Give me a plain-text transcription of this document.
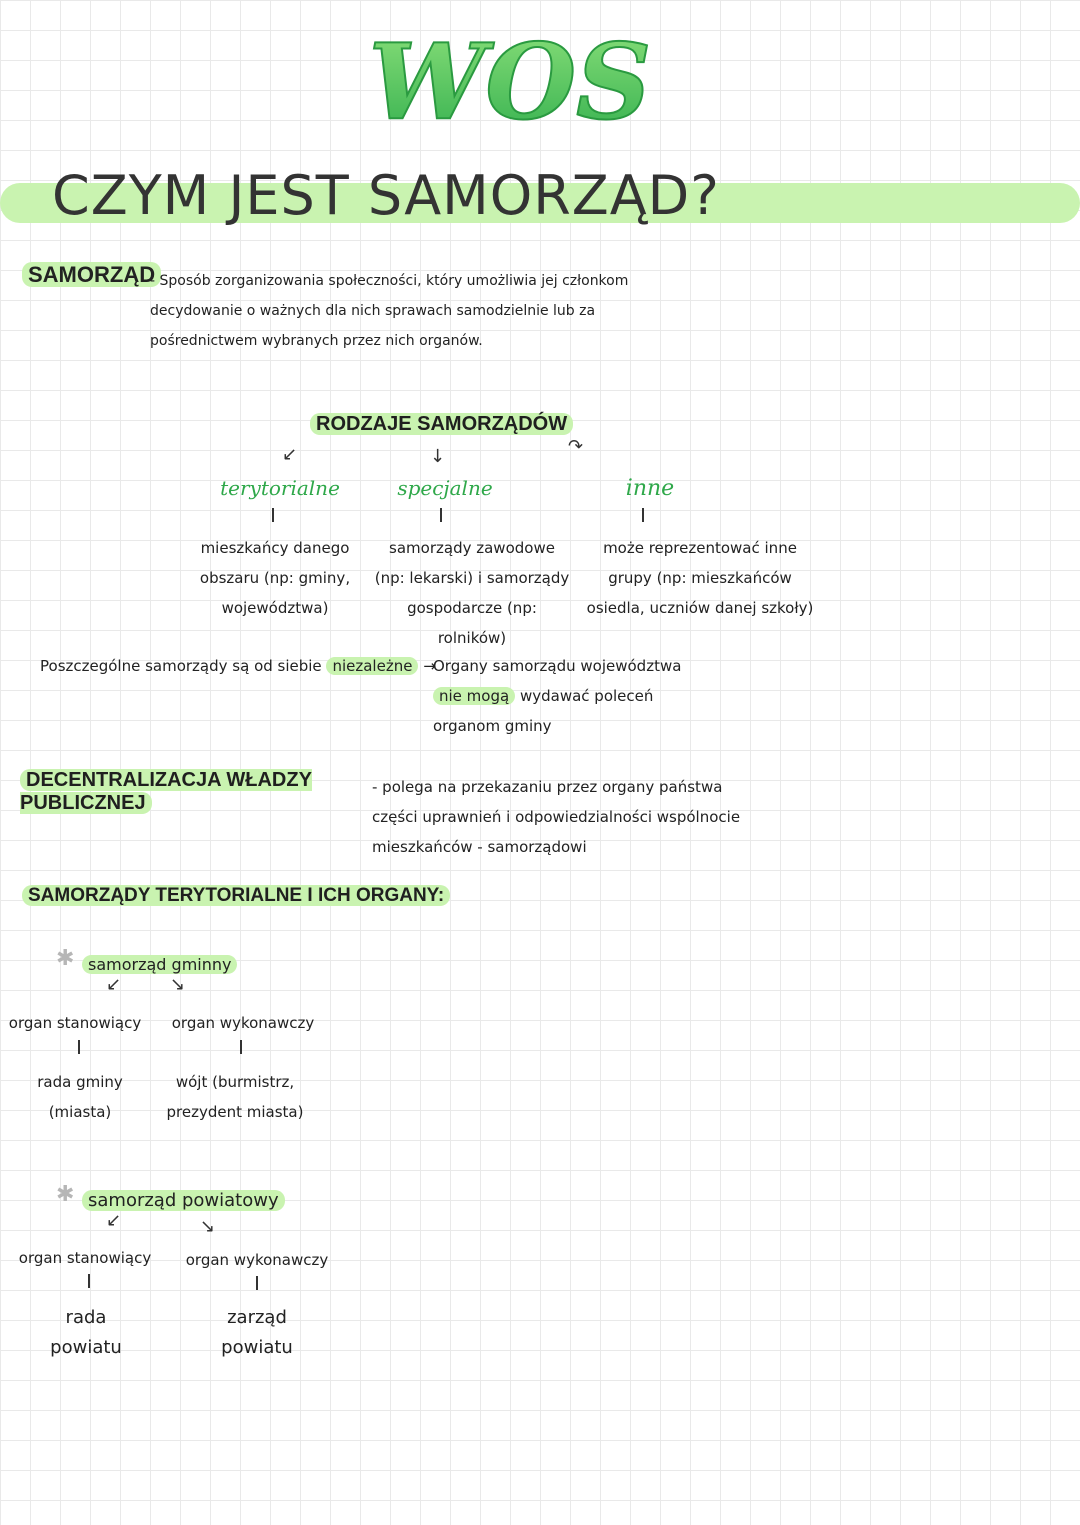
WOS
CZYM JEST SAMORZĄD?
SAMORZĄD
- Sposób zorganizowania społeczności, który umożliwia jej członkom decydowanie o ważnych dla nich sprawach samodzielnie lub za pośrednictwem wybranych przez nich organów.
RODZAJE SAMORZĄDÓW
↙	↓	↷
terytorialne
mieszkańcy danego obszaru (np: gminy, województwa)
specjalne
samorządy zawodowe (np: lekarski) i samorządy gospodarcze (np: rolników)
inne
może reprezentować inne grupy (np: mieszkańców osiedla, uczniów danej szkoły)
Poszczególne samorządy są od siebie niezależne →
Organy samorządu województwa
nie mogą wydawać poleceń
organom gminy
DECENTRALIZACJA WŁADZY PUBLICZNEJ
- polega na przekazaniu przez organy państwa części uprawnień i odpowiedzialności wspólnocie mieszkańców - samorządowi
SAMORZĄDY TERYTORIALNE I ICH ORGANY:
✱ samorząd gminny
↙	↘
organ stanowiący	organ wykonawczy
rada gminy (miasta)
wójt (burmistrz, prezydent miasta)
✱ samorząd powiatowy
↙	↘
organ stanowiący	organ wykonawczy
rada powiatu
zarząd powiatu
